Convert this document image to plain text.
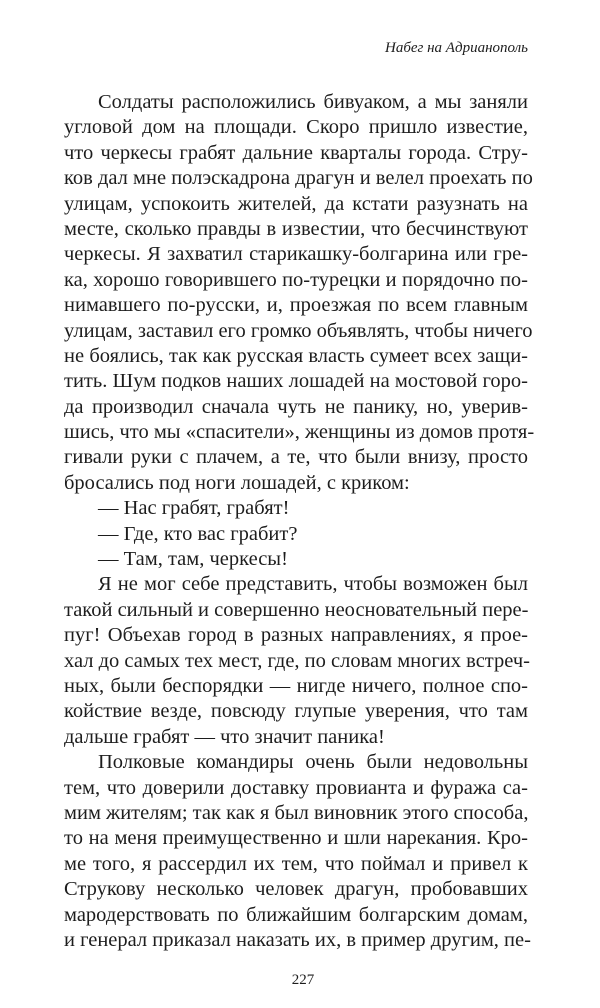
Набег на Адрианополь
Солдаты расположились бивуаком, а мы заняли
угловой дом на площади. Скоро пришло известие,
что черкесы грабят дальние кварталы города. Стру-
ков дал мне полэскадрона драгун и велел проехать по
улицам, успокоить жителей, да кстати разузнать на
месте, сколько правды в известии, что бесчинствуют
черкесы. Я захватил старикашку-болгарина или гре-
ка, хорошо говорившего по-турецки и порядочно по-
нимавшего по-русски, и, проезжая по всем главным
улицам, заставил его громко объявлять, чтобы ничего
не боялись, так как русская власть сумеет всех защи-
тить. Шум подков наших лошадей на мостовой горо-
да производил сначала чуть не панику, но, уверив-
шись, что мы «спасители», женщины из домов протя-
гивали руки с плачем, а те, что были внизу, просто
бросались под ноги лошадей, с криком:
— Нас грабят, грабят!
— Где, кто вас грабит?
— Там, там, черкесы!
Я не мог себе представить, чтобы возможен был
такой сильный и совершенно неосновательный пере-
пуг! Объехав город в разных направлениях, я прое-
хал до самых тех мест, где, по словам многих встреч-
ных, были беспорядки — нигде ничего, полное спо-
койствие везде, повсюду глупые уверения, что там
дальше грабят — что значит паника!
Полковые командиры очень были недовольны
тем, что доверили доставку провианта и фуража са-
мим жителям; так как я был виновник этого способа,
то на меня преимущественно и шли нарекания. Кро-
ме того, я рассердил их тем, что поймал и привел к
Струкову несколько человек драгун, пробовавших
мародерствовать по ближайшим болгарским домам,
и генерал приказал наказать их, в пример другим, пе-
227
